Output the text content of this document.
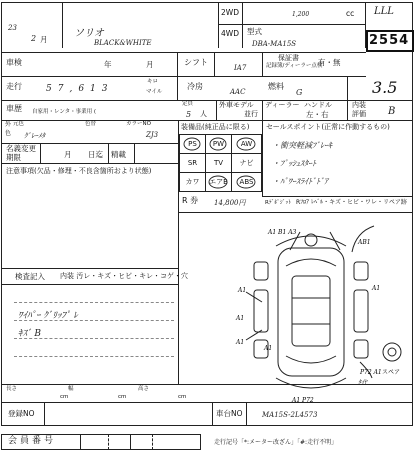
23
2 月
ソリオ
BLACK&WHITE
2WD
4WD
1,200	cc
型式
DBA-MA15S
LLL
2554
車検	年	月	シフト
IA7
保証書
記録簿/ディーラー点検
有・無
走行	57,613
キロ
マイル
冷房
AAC
燃料
G	3.5
車歴 自家用・レンタ・事業用 (
定員
5 人
外車モデル
並行
ディーラー ハンドル
左・右
内装
評価 B
外
色
元色
ｸﾞﾚｰﾒﾀ
色替	カラーNO
ZJ3
装備品(純正品に限る)
PS PW AW
SR TV ナビ
カワ エアB ABS
R 券 14,800円
セールスポイント(正常に作動するもの)
・衝突軽減ﾌﾞﾚｰｷ
・ﾌﾟｯｼｭｽﾀｰﾄ
・ﾊﾟﾜｰｽﾗｲﾄﾞﾄﾞｱ
名義変更
期限	月 日迄 精載
注意事項(欠品・修理・不良含箇所おより状態)
Rﾃﾞﾎﾟｼﾞｯﾄ Rﾌﾛｱ ﾚﾍﾞﾙ・キズ・ヒビ・ワレ・リペア跡
検査記入 内装 汚レ・キズ・ヒビ・キレ・コゲ・穴
ﾜｲﾊﾟｰ ｸﾞﾘｯﾌﾟ ﾚ
ｷｽﾞ B
A1 B1 A3
AB1
A1
A1
A1
A1
A1 P72
P72 A1
ﾀｲﾔ
A1
スペア
長さ
cm
幅
cm
高さ
cm
登録NO	車台NO	MA15S-2L4573
会員番号	走行記号「*:メーター改ざん」「#:走行不明」
